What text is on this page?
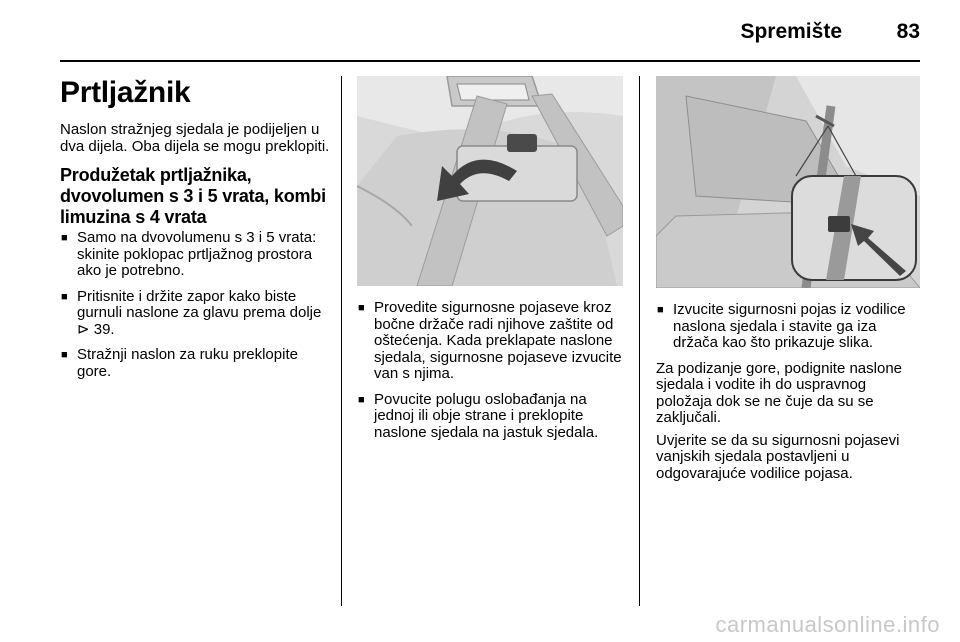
Spremište	83
Prtljažnik
Naslon stražnjeg sjedala je podijeljen u dva dijela. Oba dijela se mogu preklopiti.
Produžetak prtljažnika, dvovolumen s 3 i 5 vrata, kombi limuzina s 4 vrata
■ Samo na dvovolumenu s 3 i 5 vrata: skinite poklopac prtljažnog prostora ako je potrebno.
■ Pritisnite i držite zapor kako biste gurnuli naslone za glavu prema dolje ⊳ 39.
■ Stražnji naslon za ruku preklopite gore.
■ Provedite sigurnosne pojaseve kroz bočne držače radi njihove zaštite od oštećenja. Kada preklapate naslone sjedala, sigurnosne pojaseve izvucite van s njima.
■ Povucite polugu oslobađanja na jednoj ili obje strane i preklopite naslone sjedala na jastuk sjedala.
■ Izvucite sigurnosni pojas iz vodilice naslona sjedala i stavite ga iza držača kao što prikazuje slika.
Za podizanje gore, podignite naslone sjedala i vodite ih do uspravnog položaja dok se ne čuje da su se zaključali.
Uvjerite se da su sigurnosni pojasevi vanjskih sjedala postavljeni u odgovarajuće vodilice pojasa.
carmanualsonline.info
